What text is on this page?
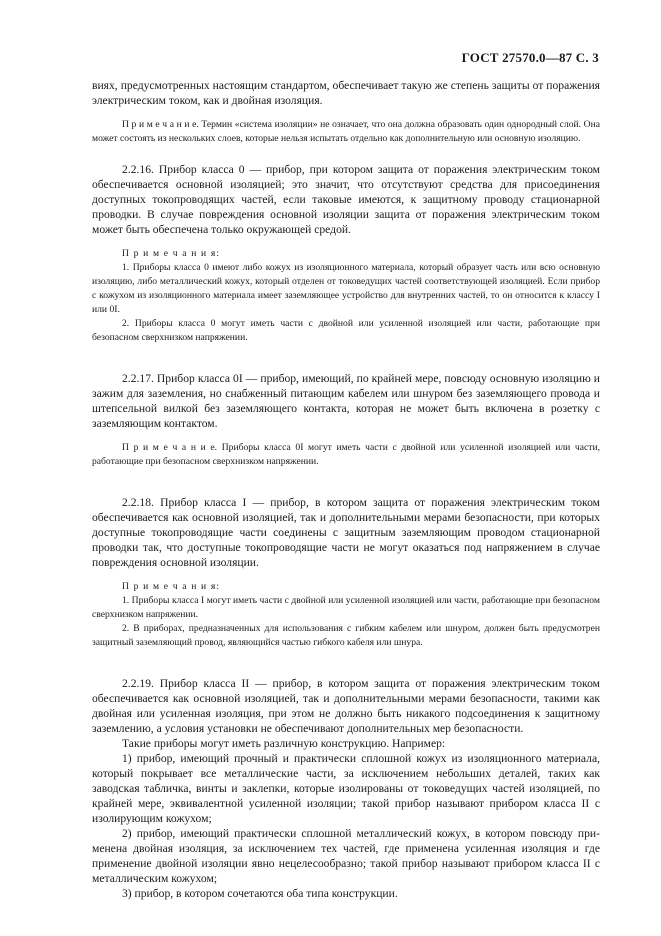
ГОСТ 27570.0—87 С. 3

виях, предусмотренных настоящим стандартом, обеспечивает такую же степень защиты от поражения электрическим током, как и двойная изоляция.

П р и м е ч а н и е. Термин «система изоляции» не означает, что она должна образовать один однородный слой. Она может состоять из нескольких слоев, которые нельзя испытать отдельно как дополнительную или основную изоляцию.

2.2.16. Прибор класса 0 — прибор, при котором защита от поражения электрическим током обеспечивается основной изоляцией; это значит, что отсутствуют средства для присоединения доступных токопроводящих частей, если таковые имеются, к защитному проводу стационарной проводки. В случае повреждения основной изоляции защита от поражения электрическим током может быть обеспечена только окружающей средой.

П р и м е ч а н и я:

1. Приборы класса 0 имеют либо кожух из изоляционного материала, который образует часть или всю основную изоляцию, либо металлический кожух, который отделен от токоведущих частей соответствующей изоляцией. Если прибор с кожухом из изоляционного материала имеет заземляющее устройство для внутренних частей, то он относится к классу I или 0I.

2. Приборы класса 0 могут иметь части с двойной или усиленной изоляцией или части, работающие при безопасном сверхнизком напряжении.

2.2.17. Прибор класса 0I — прибор, имеющий, по крайней мере, повсюду основную изоляцию и зажим для заземления, но снабженный питающим кабелем или шнуром без заземляющего провода и штепсельной вилкой без заземляющего контакта, которая не может быть включена в розетку с заземляющим контактом.

П р и м е ч а н и е. Приборы класса 0I могут иметь части с двойной или усиленной изоляцией или части, работающие при безопасном сверхнизком напряжении.

2.2.18. Прибор класса I — прибор, в котором защита от поражения электрическим током обеспечивается как основной изоляцией, так и дополнительными мерами безопасности, при которых доступные токопроводящие части соединены с защитным заземляющим проводом стационарной проводки так, что доступные токопроводящие части не могут оказаться под напряжением в случае повреждения основной изоляции.

П р и м е ч а н и я:

1. Приборы класса I могут иметь части с двойной или усиленной изоляцией или части, работающие при безопасном сверхнизком напряжении.

2. В приборах, предназначенных для использования с гибким кабелем или шнуром, должен быть предусмотрен защитный заземляющий провод, являющийся частью гибкого кабеля или шнура.

2.2.19. Прибор класса II — прибор, в котором защита от поражения электрическим током обеспечивается как основной изоляцией, так и дополнительными мерами безопасности, такими как двойная или усиленная изоляция, при этом не должно быть никакого подсоединения к защитному заземлению, а условия установки не обеспечивают дополнительных мер безопасности.

Такие приборы могут иметь различную конструкцию. Например:

1) прибор, имеющий прочный и практически сплошной кожух из изоляционного материала, который покрывает все металлические части, за исключением небольших деталей, таких как заводская табличка, винты и заклепки, которые изолированы от токоведущих частей изоляцией, по крайней мере, эквивалентной усиленной изоляции; такой прибор называют прибором класса II с изолирующим кожухом;

2) прибор, имеющий практически сплошной металлический кожух, в котором повсюду применена двойная изоляция, за исключением тех частей, где применена усиленная изоляция и где применение двойной изоляции явно нецелесообразно; такой прибор называют прибором класса II с металлическим кожухом;

3) прибор, в котором сочетаются оба типа конструкции.
